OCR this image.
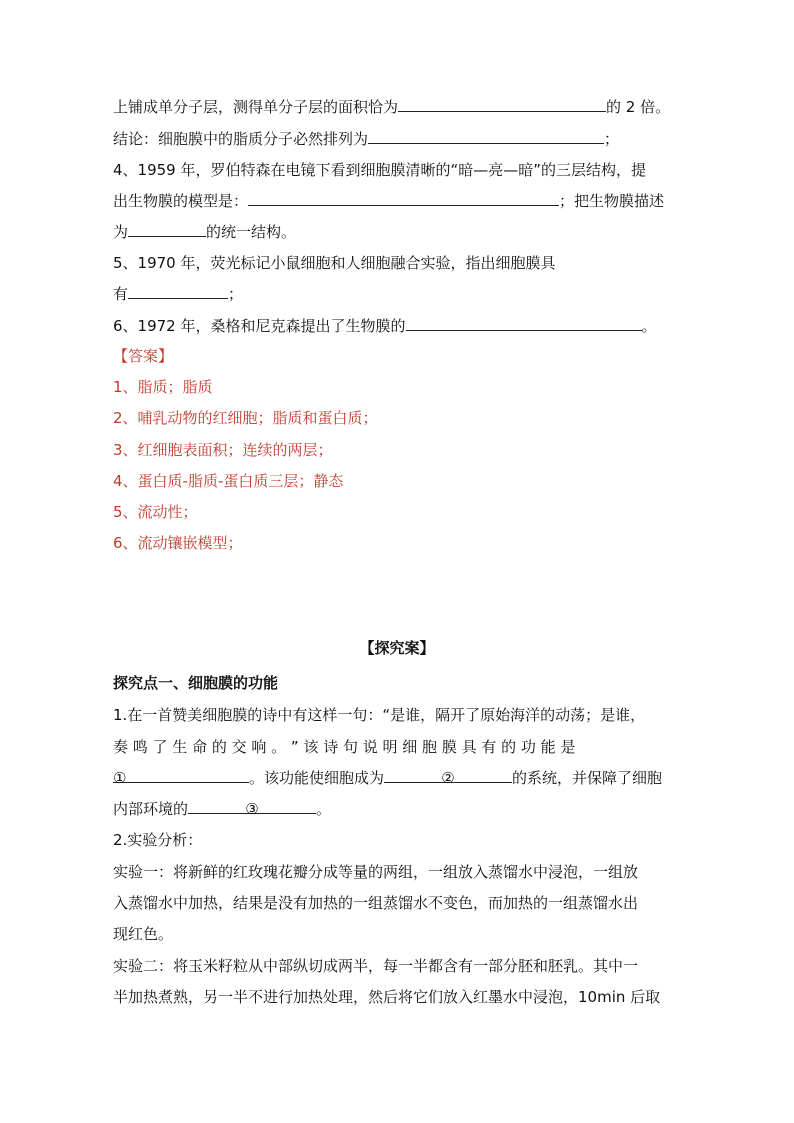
上铺成单分子层，测得单分子层的面积恰为	的 2 倍。
结论：细胞膜中的脂质分子必然排列为	；
4、1959 年，罗伯特森在电镜下看到细胞膜清晰的“暗—亮—暗”的三层结构，提
出生物膜的模型是：	；把生物膜描述
为	的统一结构。
5、1970 年，荧光标记小鼠细胞和人细胞融合实验，指出细胞膜具
有	；
6、1972 年，桑格和尼克森提出了生物膜的	。
【答案】
1、脂质；脂质
2、哺乳动物的红细胞；脂质和蛋白质；
3、红细胞表面积；连续的两层；
4、蛋白质-脂质-蛋白质三层；静态
5、流动性；
6、流动镶嵌模型；
【探究案】
探究点一、细胞膜的功能
1.在一首赞美细胞膜的诗中有这样一句：“是谁，隔开了原始海洋的动荡；是谁，
奏 鸣 了 生 命 的 交 响 。 ” 该 诗 句 说 明 细 胞 膜 具 有 的 功 能 是
①	。该功能使细胞成为	②	的系统，并保障了细胞
内部环境的	③	。
2.实验分析：
实验一：将新鲜的红玫瑰花瓣分成等量的两组，一组放入蒸馏水中浸泡，一组放
入蒸馏水中加热，结果是没有加热的一组蒸馏水不变色，而加热的一组蒸馏水出
现红色。
实验二：将玉米籽粒从中部纵切成两半，每一半都含有一部分胚和胚乳。其中一
半加热煮熟，另一半不进行加热处理，然后将它们放入红墨水中浸泡，10min 后取
